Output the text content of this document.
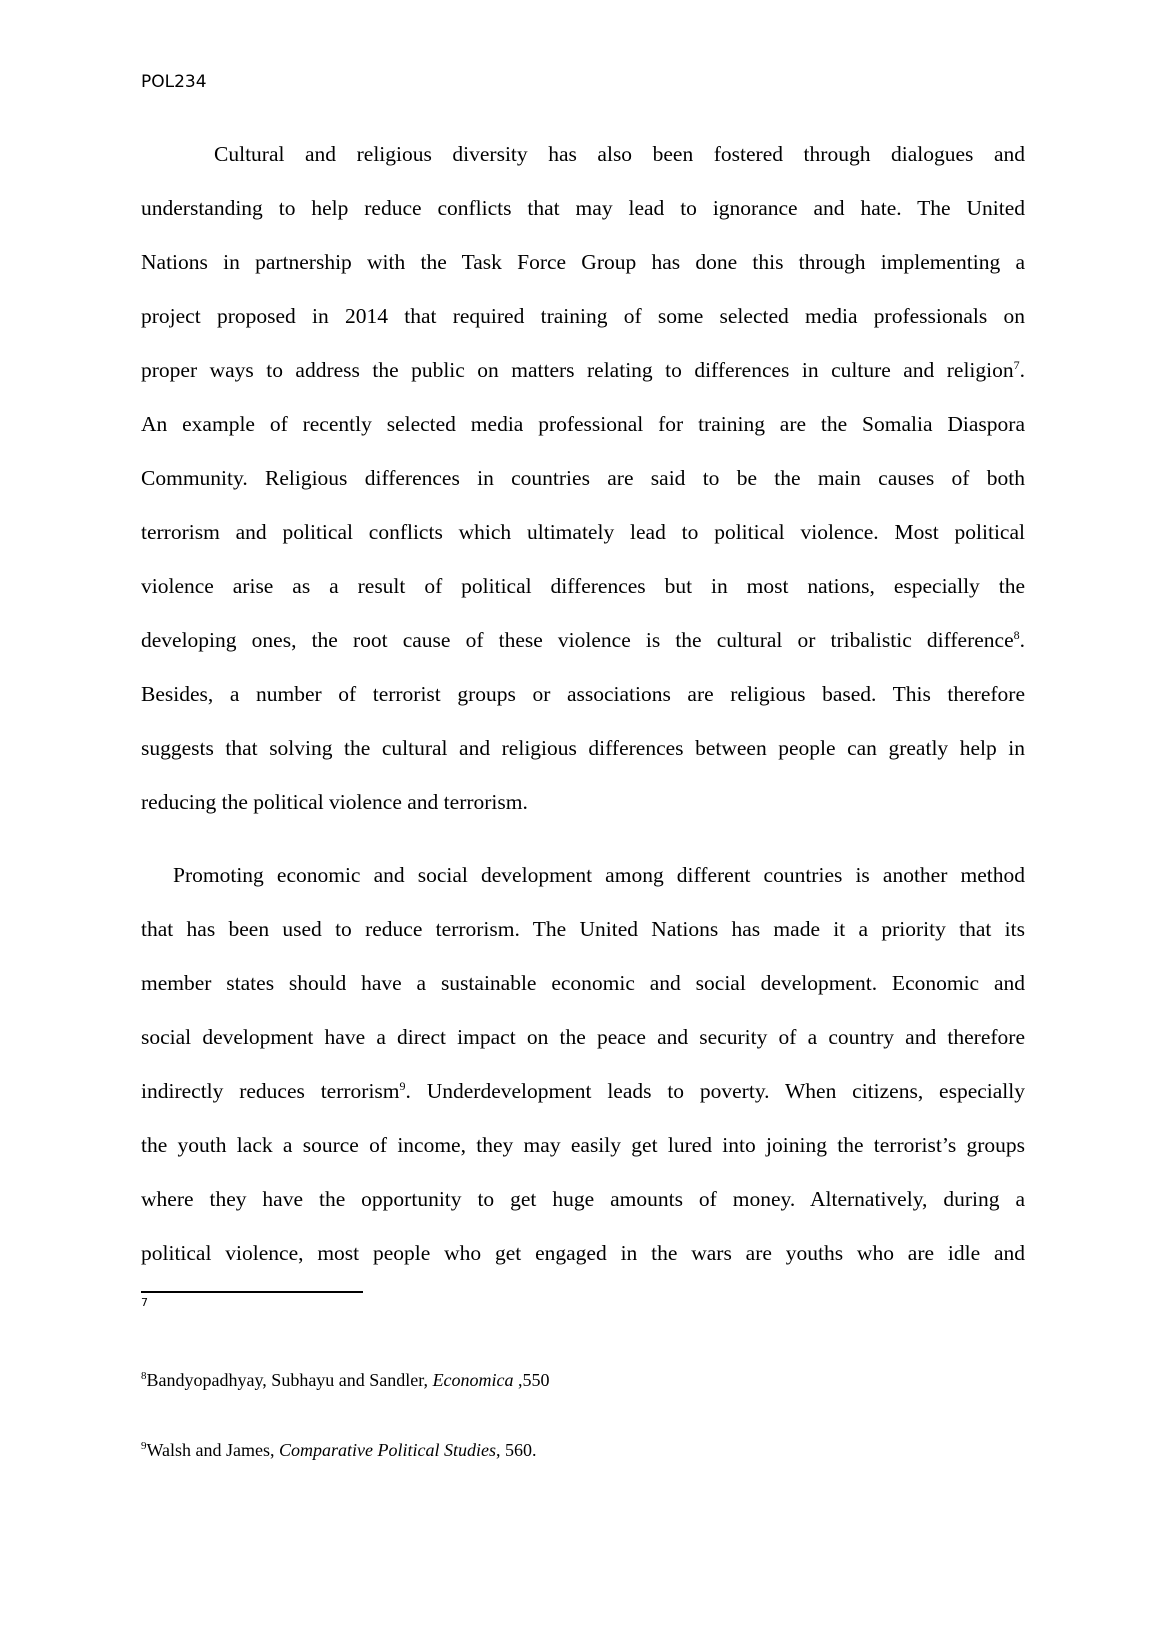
POL234
Cultural and religious diversity has also been fostered through dialogues and
understanding to help reduce conflicts that may lead to ignorance and hate. The United
Nations in partnership with the Task Force Group has done this through implementing a
project proposed in 2014 that required training of some selected media professionals on
proper ways to address the public on matters relating to differences in culture and religion$^7$.
An example of recently selected media professional for training are the Somalia Diaspora
Community. Religious differences in countries are said to be the main causes of both
terrorism and political conflicts which ultimately lead to political violence. Most political
violence arise as a result of political differences but in most nations, especially the
developing ones, the root cause of these violence is the cultural or tribalistic difference$^8$.
Besides, a number of terrorist groups or associations are religious based. This therefore
suggests that solving the cultural and religious differences between people can greatly help in
reducing the political violence and terrorism.
Promoting economic and social development among different countries is another method
that has been used to reduce terrorism. The United Nations has made it a priority that its
member states should have a sustainable economic and social development. Economic and
social development have a direct impact on the peace and security of a country and therefore
indirectly reduces terrorism$^9$. Underdevelopment leads to poverty. When citizens, especially
the youth lack a source of income, they may easily get lured into joining the terrorist’s groups
where they have the opportunity to get huge amounts of money. Alternatively, during a
political violence, most people who get engaged in the wars are youths who are idle and
7
$^8$Bandyopadhyay, Subhayu and Sandler, Economica ,550
$^9$Walsh and James, Comparative Political Studies, 560.
